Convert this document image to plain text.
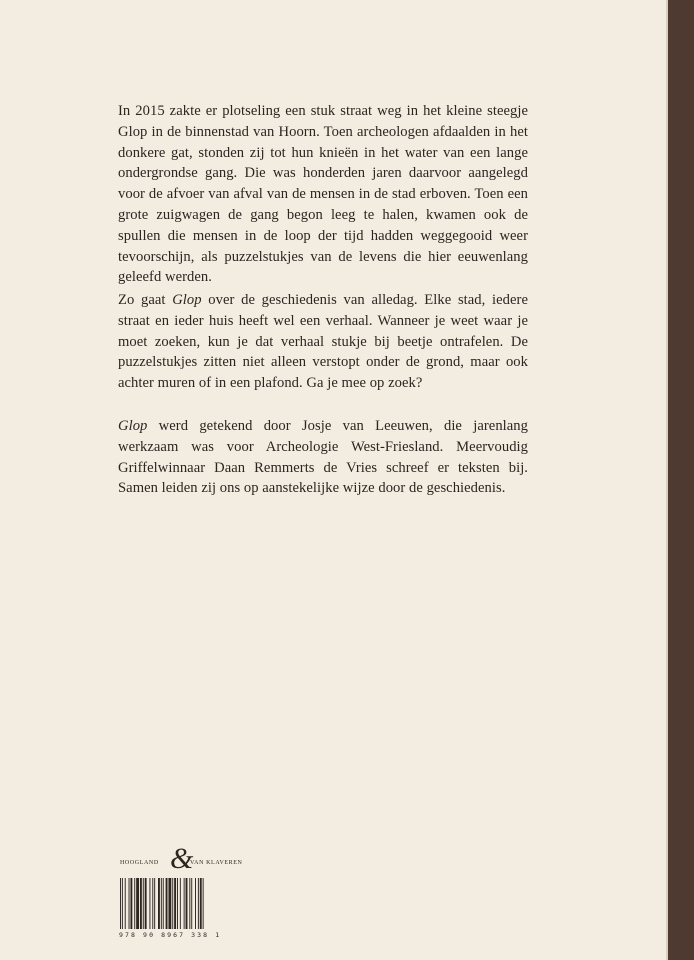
In 2015 zakte er plotseling een stuk straat weg in het kleine steegje Glop in de binnenstad van Hoorn. Toen archeologen afdaalden in het donkere gat, stonden zij tot hun knieën in het water van een lange ondergrondse gang. Die was honderden jaren daarvoor aangelegd voor de afvoer van afval van de mensen in de stad erboven. Toen een grote zuigwagen de gang begon leeg te halen, kwamen ook de spullen die mensen in de loop der tijd hadden weggegooid weer tevoorschijn, als puzzelstukjes van de levens die hier eeuwenlang geleefd werden.

Zo gaat Glop over de geschiedenis van alledag. Elke stad, iedere straat en ieder huis heeft wel een verhaal. Wanneer je weet waar je moet zoeken, kun je dat verhaal stukje bij beetje ontrafelen. De puzzelstukjes zitten niet alleen verstopt onder de grond, maar ook achter muren of in een plafond. Ga je mee op zoek?

Glop werd getekend door Josje van Leeuwen, die jarenlang werkzaam was voor Archeologie West-Friesland. Meervoudig Griffelwinnaar Daan Remmerts de Vries schreef er teksten bij. Samen leiden zij ons op aanstekelijke wijze door de geschiedenis.

HOOGLAND &
VAN KLAVEREN
978 90 8967 338 1
